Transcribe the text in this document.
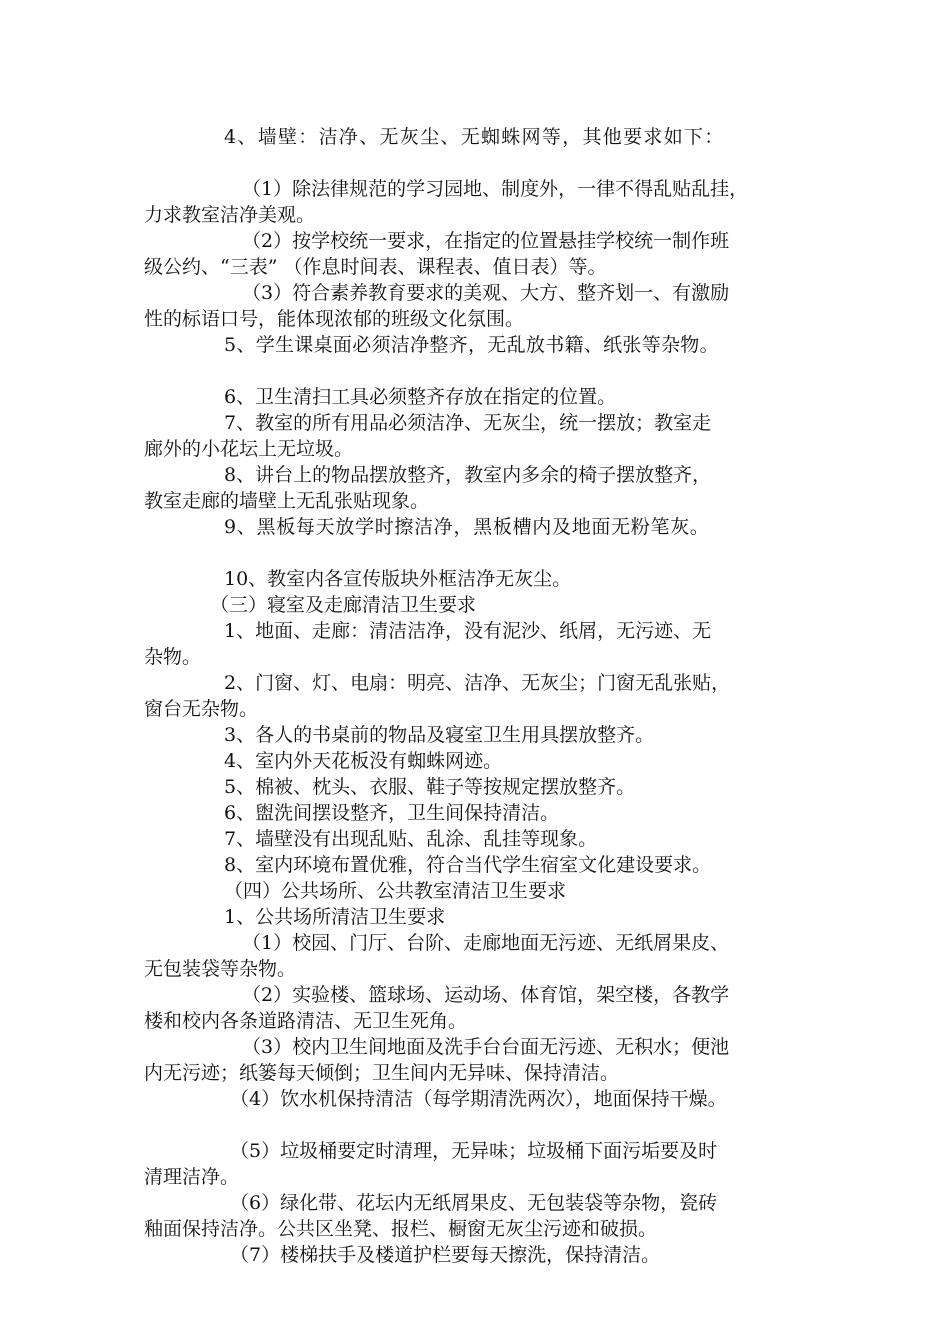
4、墙壁：洁净、无灰尘、无蜘蛛网等，其他要求如下：

（1）除法律规范的学习园地、制度外，一律不得乱贴乱挂，

力求教室洁净美观。

（2）按学校统一要求，在指定的位置悬挂学校统一制作班

级公约、“三表” （作息时间表、课程表、值日表）等。

（3）符合素养教育要求的美观、大方、整齐划一、有激励

性的标语口号，能体现浓郁的班级文化氛围。

5、学生课桌面必须洁净整齐，无乱放书籍、纸张等杂物。

6、卫生清扫工具必须整齐存放在指定的位置。

7、教室的所有用品必须洁净、无灰尘，统一摆放；教室走

廊外的小花坛上无垃圾。

8、讲台上的物品摆放整齐，教室内多余的椅子摆放整齐，

教室走廊的墙壁上无乱张贴现象。

9、黑板每天放学时擦洁净，黑板槽内及地面无粉笔灰。

10、教室内各宣传版块外框洁净无灰尘。

（三）寝室及走廊清洁卫生要求

1、地面、走廊：清洁洁净，没有泥沙、纸屑，无污迹、无

杂物。

2、门窗、灯、电扇：明亮、洁净、无灰尘；门窗无乱张贴，

窗台无杂物。

3、各人的书桌前的物品及寝室卫生用具摆放整齐。

4、室内外天花板没有蜘蛛网迹。

5、棉被、枕头、衣服、鞋子等按规定摆放整齐。

6、盥洗间摆设整齐，卫生间保持清洁。

7、墙壁没有出现乱贴、乱涂、乱挂等现象。

8、室内环境布置优雅，符合当代学生宿室文化建设要求。

（四）公共场所、公共教室清洁卫生要求

1、公共场所清洁卫生要求

（1）校园、门厅、台阶、走廊地面无污迹、无纸屑果皮、

无包装袋等杂物。

（2）实验楼、篮球场、运动场、体育馆，架空楼，各教学

楼和校内各条道路清洁、无卫生死角。

（3）校内卫生间地面及洗手台台面无污迹、无积水；便池

内无污迹；纸篓每天倾倒；卫生间内无异味、保持清洁。

（4）饮水机保持清洁（每学期清洗两次），地面保持干燥。

（5）垃圾桶要定时清理，无异味；垃圾桶下面污垢要及时

清理洁净。

（6）绿化带、花坛内无纸屑果皮、无包装袋等杂物，瓷砖

釉面保持洁净。公共区坐凳、报栏、橱窗无灰尘污迹和破损。

（7）楼梯扶手及楼道护栏要每天擦洗，保持清洁。
